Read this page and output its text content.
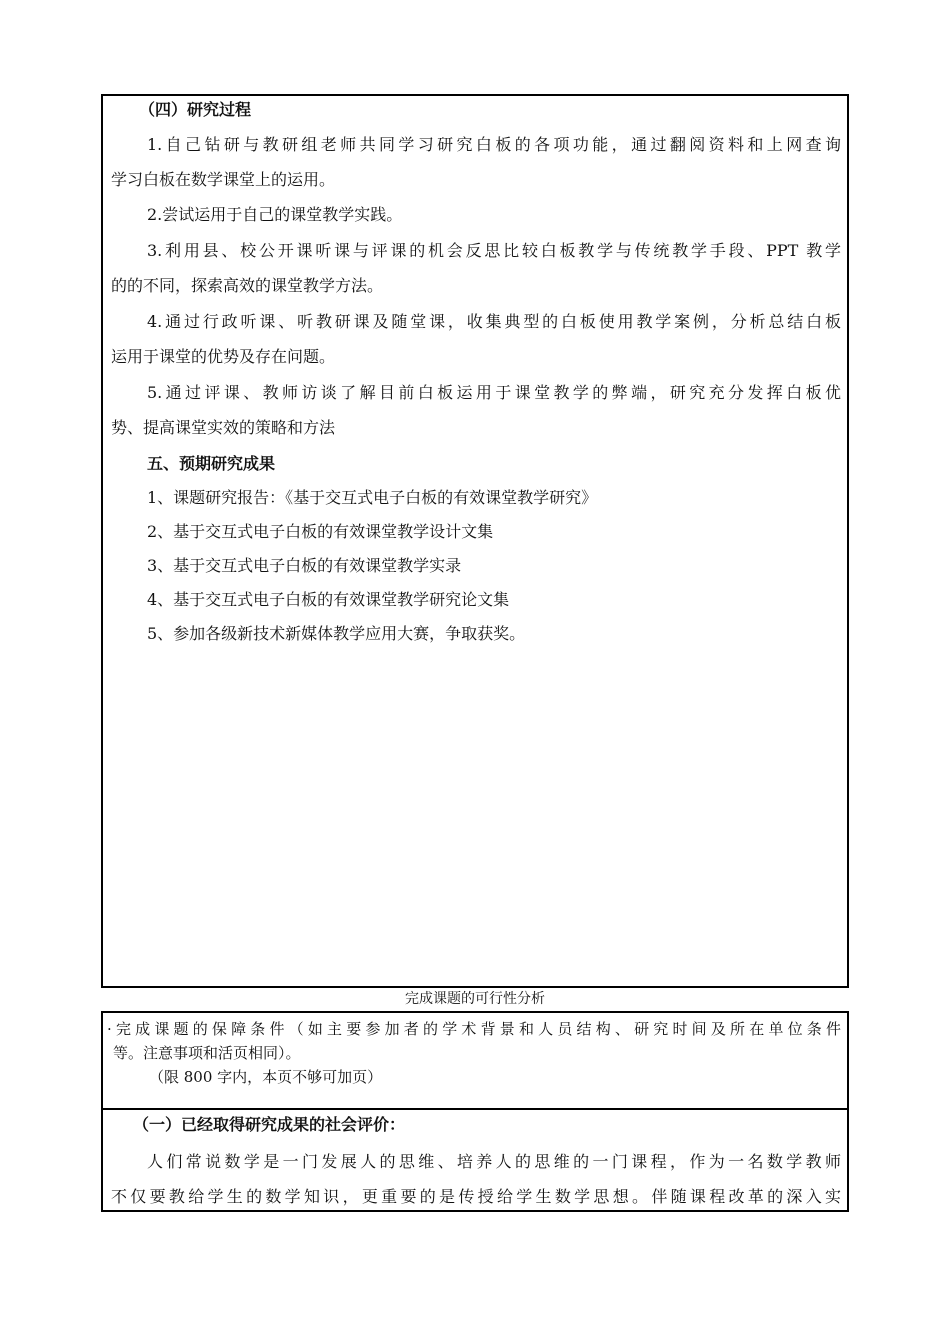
（四）研究过程
1.自己钻研与教研组老师共同学习研究白板的各项功能，通过翻阅资料和上网查询
学习白板在数学课堂上的运用。
2.尝试运用于自己的课堂教学实践。
3.利用县、校公开课听课与评课的机会反思比较白板教学与传统教学手段、PPT 教学
的的不同，探索高效的课堂教学方法。
4.通过行政听课、听教研课及随堂课，收集典型的白板使用教学案例，分析总结白板
运用于课堂的优势及存在问题。
5.通过评课、教师访谈了解目前白板运用于课堂教学的弊端，研究充分发挥白板优
势、提高课堂实效的策略和方法
五、预期研究成果
1、课题研究报告：《基于交互式电子白板的有效课堂教学研究》
2、基于交互式电子白板的有效课堂教学设计文集
3、基于交互式电子白板的有效课堂教学实录
4、基于交互式电子白板的有效课堂教学研究论文集
5、参加各级新技术新媒体教学应用大赛，争取获奖。
完成课题的可行性分析
·完成课题的保障条件（如主要参加者的学术背景和人员结构、研究时间及所在单位条件
等。注意事项和活页相同）。
（限 800 字内，本页不够可加页）
（一）已经取得研究成果的社会评价：
人们常说数学是一门发展人的思维、培养人的思维的一门课程，作为一名数学教师
不仅要教给学生的数学知识，更重要的是传授给学生数学思想。伴随课程改革的深入实
